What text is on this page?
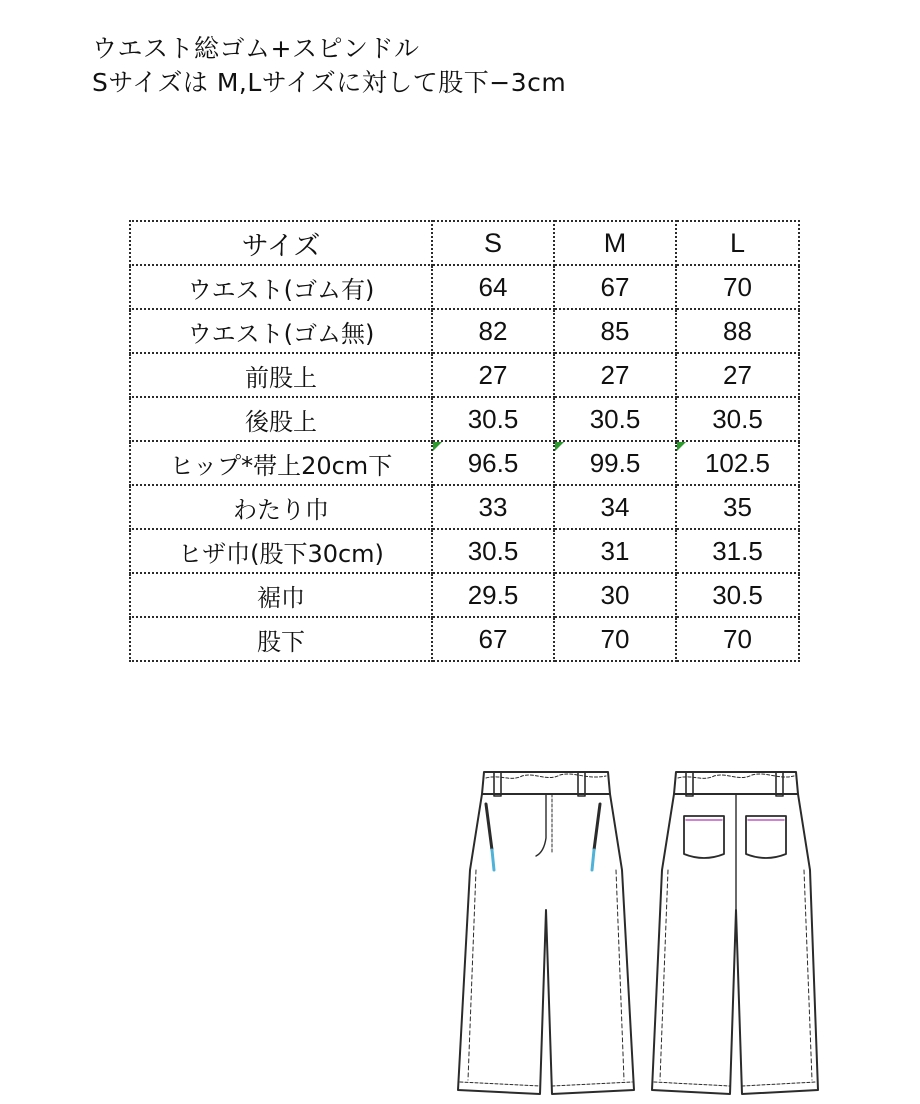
ウエスト総ゴム+スピンドル
Sサイズは M,Lサイズに対して股下−3cm
サイズ	S	M	L
ウエスト(ゴム有)	64	67	70
ウエスト(ゴム無)	82	85	88
前股上	27	27	27
後股上	30.5	30.5	30.5
ヒップ*帯上20cm下	96.5	99.5	102.5
わたり巾	33	34	35
ヒザ巾(股下30cm)	30.5	31	31.5
裾巾	29.5	30	30.5
股下	67	70	70
